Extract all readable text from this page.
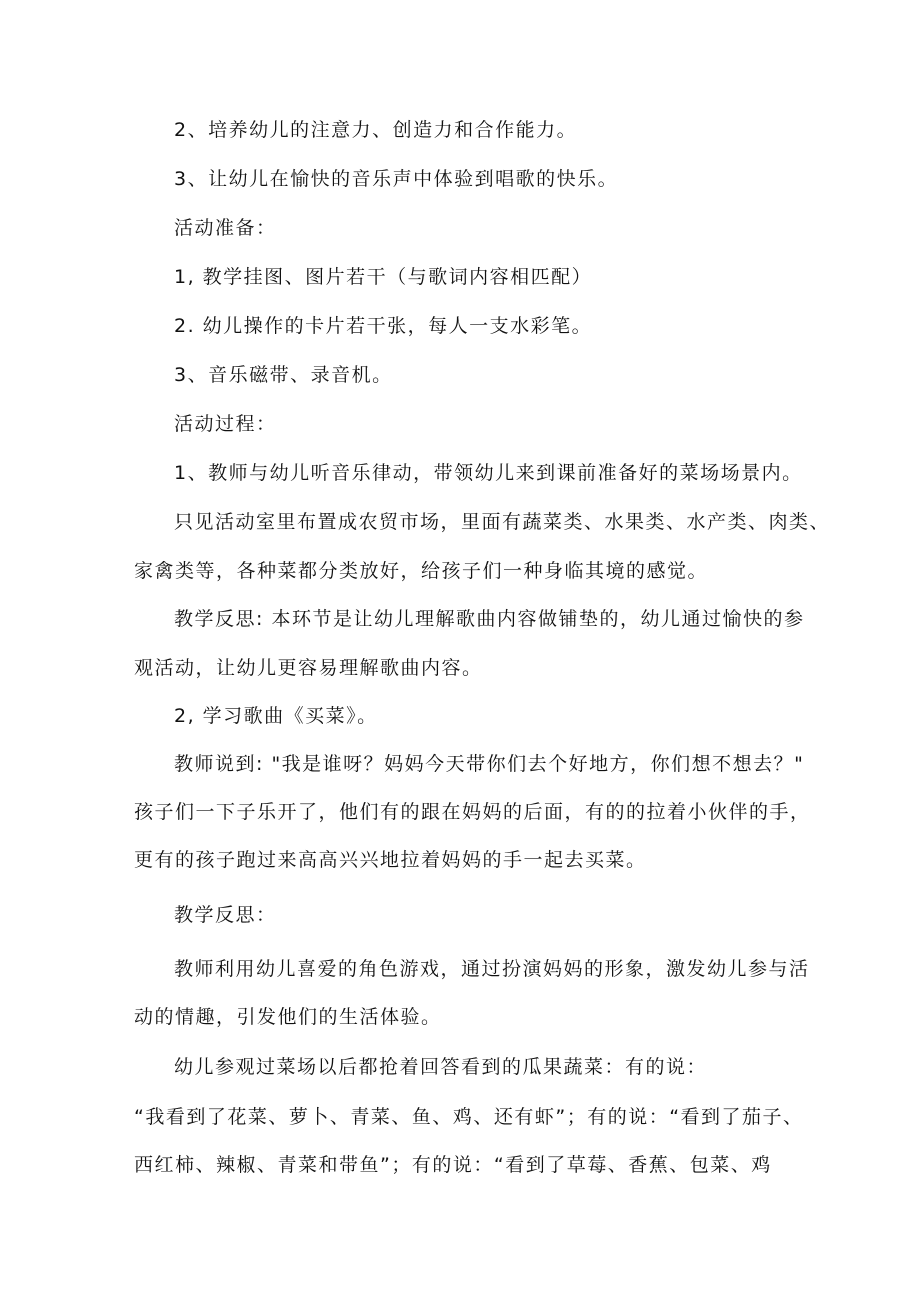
2、培养幼儿的注意力、创造力和合作能力。
3、让幼儿在愉快的音乐声中体验到唱歌的快乐。
活动准备：
1, 教学挂图、图片若干（与歌词内容相匹配）
2. 幼儿操作的卡片若干张，每人一支水彩笔。
3、音乐磁带、录音机。
活动过程：
1、教师与幼儿听音乐律动，带领幼儿来到课前准备好的菜场场景内。
只见活动室里布置成农贸市场，里面有蔬菜类、水果类、水产类、肉类、
家禽类等，各种菜都分类放好，给孩子们一种身临其境的感觉。
教学反思: 本环节是让幼儿理解歌曲内容做铺垫的，幼儿通过愉快的参
观活动，让幼儿更容易理解歌曲内容。
2, 学习歌曲《买菜》。
教师说到: "我是谁呀？妈妈今天带你们去个好地方，你们想不想去？"
孩子们一下子乐开了，他们有的跟在妈妈的后面，有的的拉着小伙伴的手，
更有的孩子跑过来高高兴兴地拉着妈妈的手一起去买菜。
教学反思：
教师利用幼儿喜爱的角色游戏，通过扮演妈妈的形象，激发幼儿参与活
动的情趣，引发他们的生活体验。
幼儿参观过菜场以后都抢着回答看到的瓜果蔬菜：有的说：
“我看到了花菜、萝卜、青菜、鱼、鸡、还有虾”；有的说：“看到了茄子、
西红柿、辣椒、青菜和带鱼”；有的说：“看到了草莓、香蕉、包菜、鸡
